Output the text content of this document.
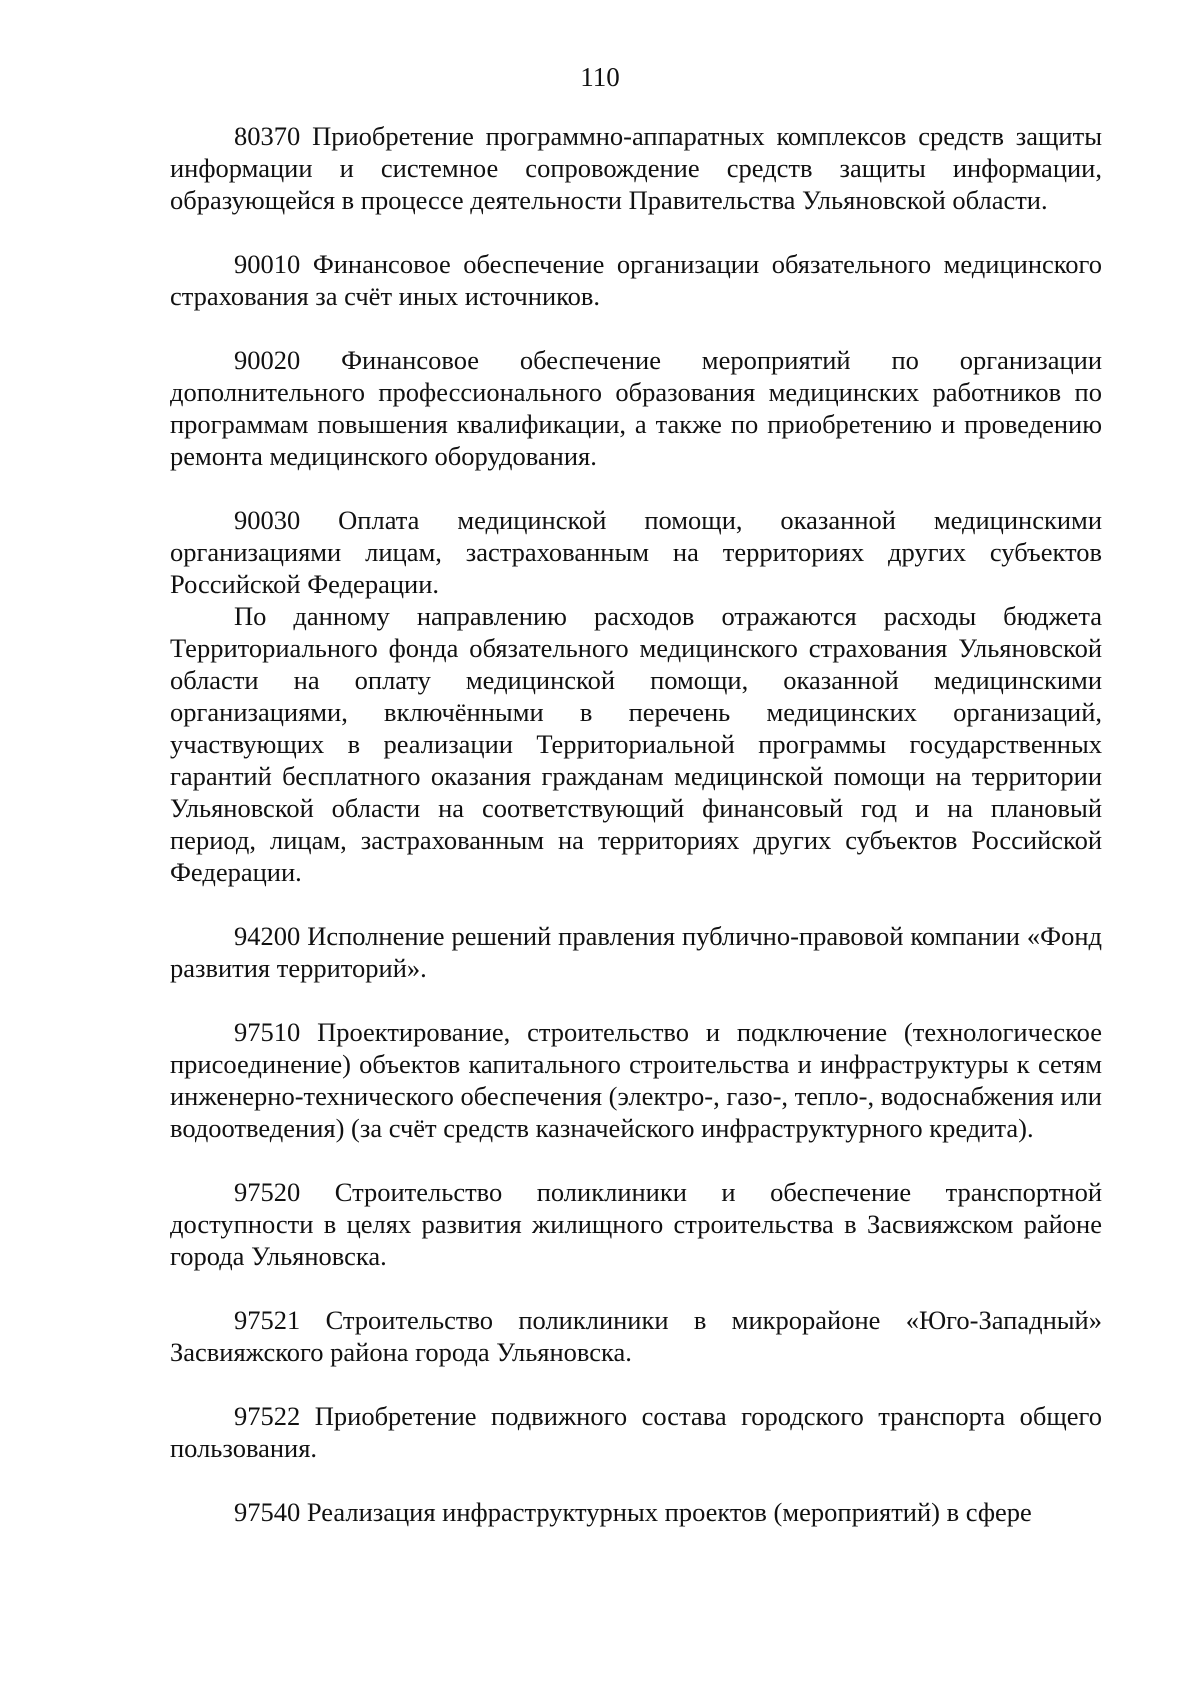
110

80370 Приобретение программно-аппаратных комплексов средств защиты информации и системное сопровождение средств защиты информации, образующейся в процессе деятельности Правительства Ульяновской области.

90010 Финансовое обеспечение организации обязательного медицинского страхования за счёт иных источников.

90020 Финансовое обеспечение мероприятий по организации дополнительного профессионального образования медицинских работников по программам повышения квалификации, а также по приобретению и проведению ремонта медицинского оборудования.

90030 Оплата медицинской помощи, оказанной медицинскими организациями лицам, застрахованным на территориях других субъектов Российской Федерации.

По данному направлению расходов отражаются расходы бюджета Территориального фонда обязательного медицинского страхования Ульяновской области на оплату медицинской помощи, оказанной медицинскими организациями, включёнными в перечень медицинских организаций, участвующих в реализации Территориальной программы государственных гарантий бесплатного оказания гражданам медицинской помощи на территории Ульяновской области на соответствующий финансовый год и на плановый период, лицам, застрахованным на территориях других субъектов Российской Федерации.

94200 Исполнение решений правления публично-правовой компании «Фонд развития территорий».

97510 Проектирование, строительство и подключение (технологическое присоединение) объектов капитального строительства и инфраструктуры к сетям инженерно-технического обеспечения (электро-, газо-, тепло-, водоснабжения или водоотведения) (за счёт средств казначейского инфраструктурного кредита).

97520 Строительство поликлиники и обеспечение транспортной доступности в целях развития жилищного строительства в Засвияжском районе города Ульяновска.

97521 Строительство поликлиники в микрорайоне «Юго-Западный» Засвияжского района города Ульяновска.

97522 Приобретение подвижного состава городского транспорта общего пользования.

97540 Реализация инфраструктурных проектов (мероприятий) в сфере
